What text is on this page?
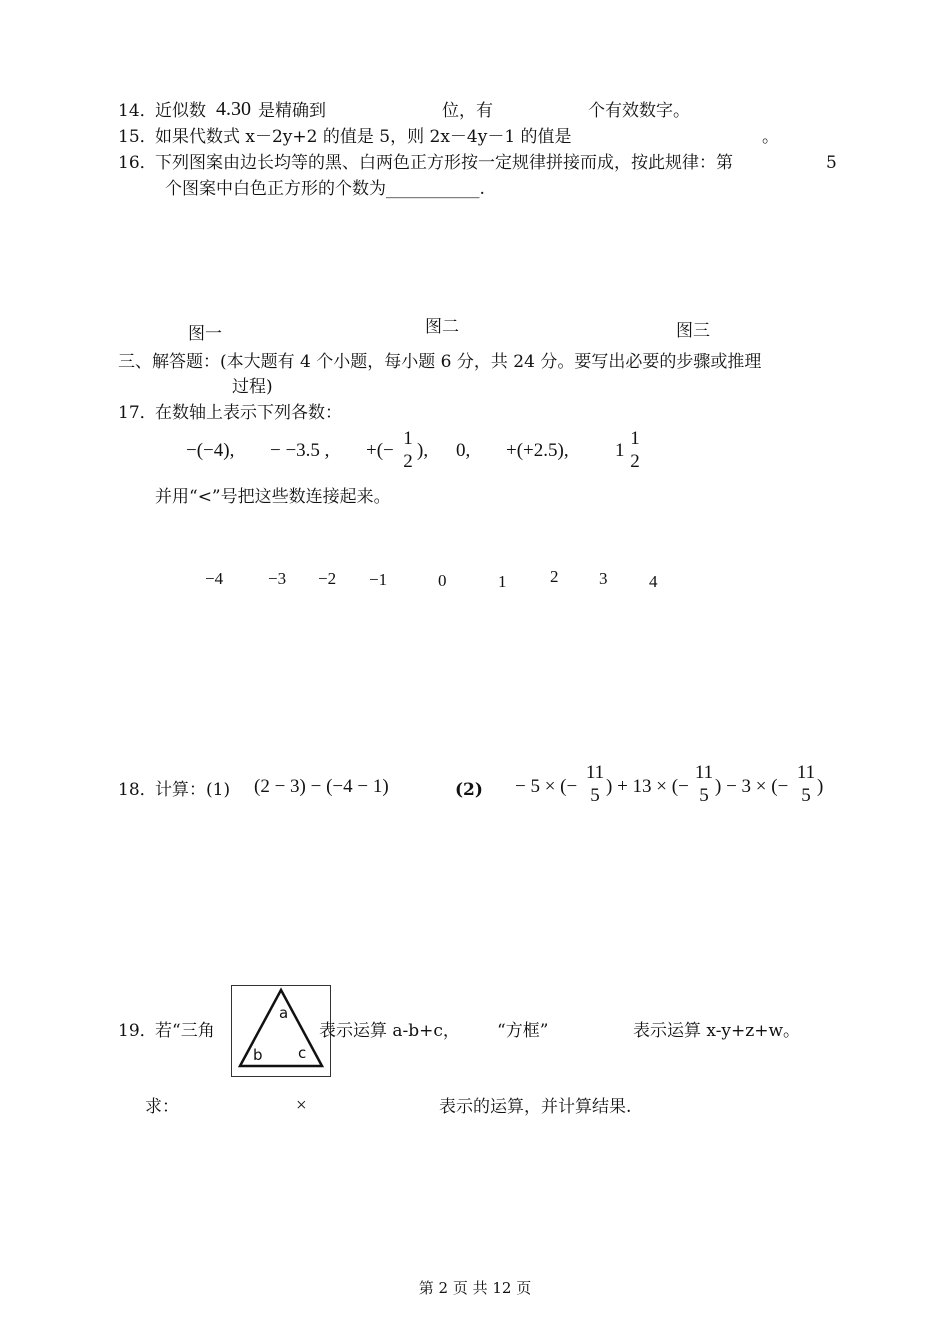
14．
近似数 4.30 是精确到	位，有	个有效数字。
15．
如果代数式 x－2y+2 的值是 5，则 2x－4y－1 的值是	。
16．
下列图案由边长均等的黑、白两色正方形按一定规律拼接而成，按此规律：第	5
个图案中白色正方形的个数为___________.
图一	图二	图三
三、解答题：(本大题有 4 个小题，每小题 6 分，共 24 分。要写出必要的步骤或推理
过程)
17．
在数轴上表示下列各数：
−(−4), − −3.5 , +(−
1
2
), 0, +(+2.5), 1
1
2
并用“<”号把这些数连接起来。
−4	−3 −2 −1	0	1	2 3 4
18．
计算：(1) (2 − 3) − (−4 − 1)	(2) − 5 × (−
11
5 ) + 13 × (−
11
5 ) − 3 × (−
11
5 )
19．
若“三角
a
b c
表示运算 a-b+c， “方框”	表示运算 x-y+z+w。
求：	×	表示的运算，并计算结果.
第 2 页 共 12 页
